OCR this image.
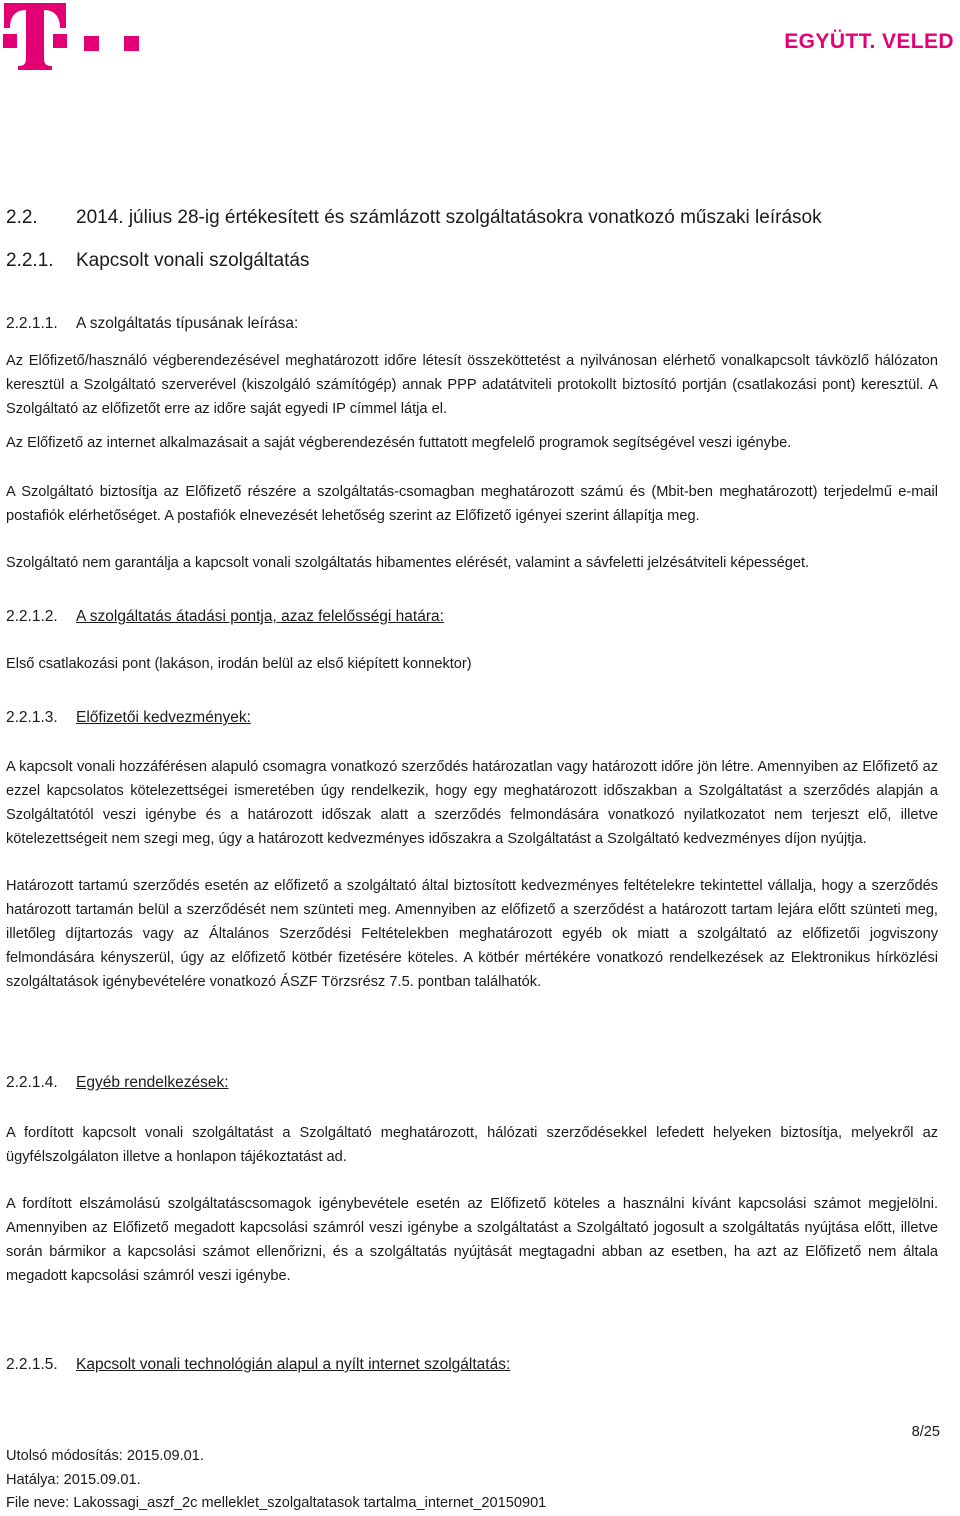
EGYÜTT. VELED
2.2. 2014. július 28-ig értékesített és számlázott szolgáltatásokra vonatkozó műszaki leírások
2.2.1. Kapcsolt vonali szolgáltatás
2.2.1.1. A szolgáltatás típusának leírása:
Az Előfizető/használó végberendezésével meghatározott időre létesít összeköttetést a nyilvánosan elérhető vonalkapcsolt távközlő hálózaton keresztül a Szolgáltató szerverével (kiszolgáló számítógép) annak PPP adatátviteli protokollt biztosító portján (csatlakozási pont) keresztül. A Szolgáltató az előfizetőt erre az időre saját egyedi IP címmel látja el.
Az Előfizető az internet alkalmazásait a saját végberendezésén futtatott megfelelő programok segítségével veszi igénybe.
A Szolgáltató biztosítja az Előfizető részére a szolgáltatás-csomagban meghatározott számú és (Mbit-ben meghatározott) terjedelmű e-mail postafiók elérhetőséget. A postafiók elnevezését lehetőség szerint az Előfizető igényei szerint állapítja meg.
Szolgáltató nem garantálja a kapcsolt vonali szolgáltatás hibamentes elérését, valamint a sávfeletti jelzésátviteli képességet.
2.2.1.2. A szolgáltatás átadási pontja, azaz felelősségi határa:
Első csatlakozási pont (lakáson, irodán belül az első kiépített konnektor)
2.2.1.3. Előfizetői kedvezmények:
A kapcsolt vonali hozzáférésen alapuló csomagra vonatkozó szerződés határozatlan vagy határozott időre jön létre. Amennyiben az Előfizető az ezzel kapcsolatos kötelezettségei ismeretében úgy rendelkezik, hogy egy meghatározott időszakban a Szolgáltatást a szerződés alapján a Szolgáltatótól veszi igénybe és a határozott időszak alatt a szerződés felmondására vonatkozó nyilatkozatot nem terjeszt elő, illetve kötelezettségeit nem szegi meg, úgy a határozott kedvezményes időszakra a Szolgáltatást a Szolgáltató kedvezményes díjon nyújtja.
Határozott tartamú szerződés esetén az előfizető a szolgáltató által biztosított kedvezményes feltételekre tekintettel vállalja, hogy a szerződés határozott tartamán belül a szerződését nem szünteti meg. Amennyiben az előfizető a szerződést a határozott tartam lejára előtt szünteti meg, illetőleg díjtartozás vagy az Általános Szerződési Feltételekben meghatározott egyéb ok miatt a szolgáltató az előfizetői jogviszony felmondására kényszerül, úgy az előfizető kötbér fizetésére köteles. A kötbér mértékére vonatkozó rendelkezések az Elektronikus hírközlési szolgáltatások igénybevételére vonatkozó ÁSZF Törzsrész 7.5. pontban találhatók.
2.2.1.4. Egyéb rendelkezések:
A fordított kapcsolt vonali szolgáltatást a Szolgáltató meghatározott, hálózati szerződésekkel lefedett helyeken biztosítja, melyekről az ügyfélszolgálaton illetve a honlapon tájékoztatást ad.
A fordított elszámolású szolgáltatáscsomagok igénybevétele esetén az Előfizető köteles a használni kívánt kapcsolási számot megjelölni. Amennyiben az Előfizető megadott kapcsolási számról veszi igénybe a szolgáltatást a Szolgáltató jogosult a szolgáltatás nyújtása előtt, illetve során bármikor a kapcsolási számot ellenőrizni, és a szolgáltatás nyújtását megtagadni abban az esetben, ha azt az Előfizető nem általa megadott kapcsolási számról veszi igénybe.
2.2.1.5. Kapcsolt vonali technológián alapul a nyílt internet szolgáltatás:
8/25
Utolsó módosítás: 2015.09.01.
Hatálya: 2015.09.01.
File neve: Lakossagi_aszf_2c melleklet_szolgaltatasok tartalma_internet_20150901
